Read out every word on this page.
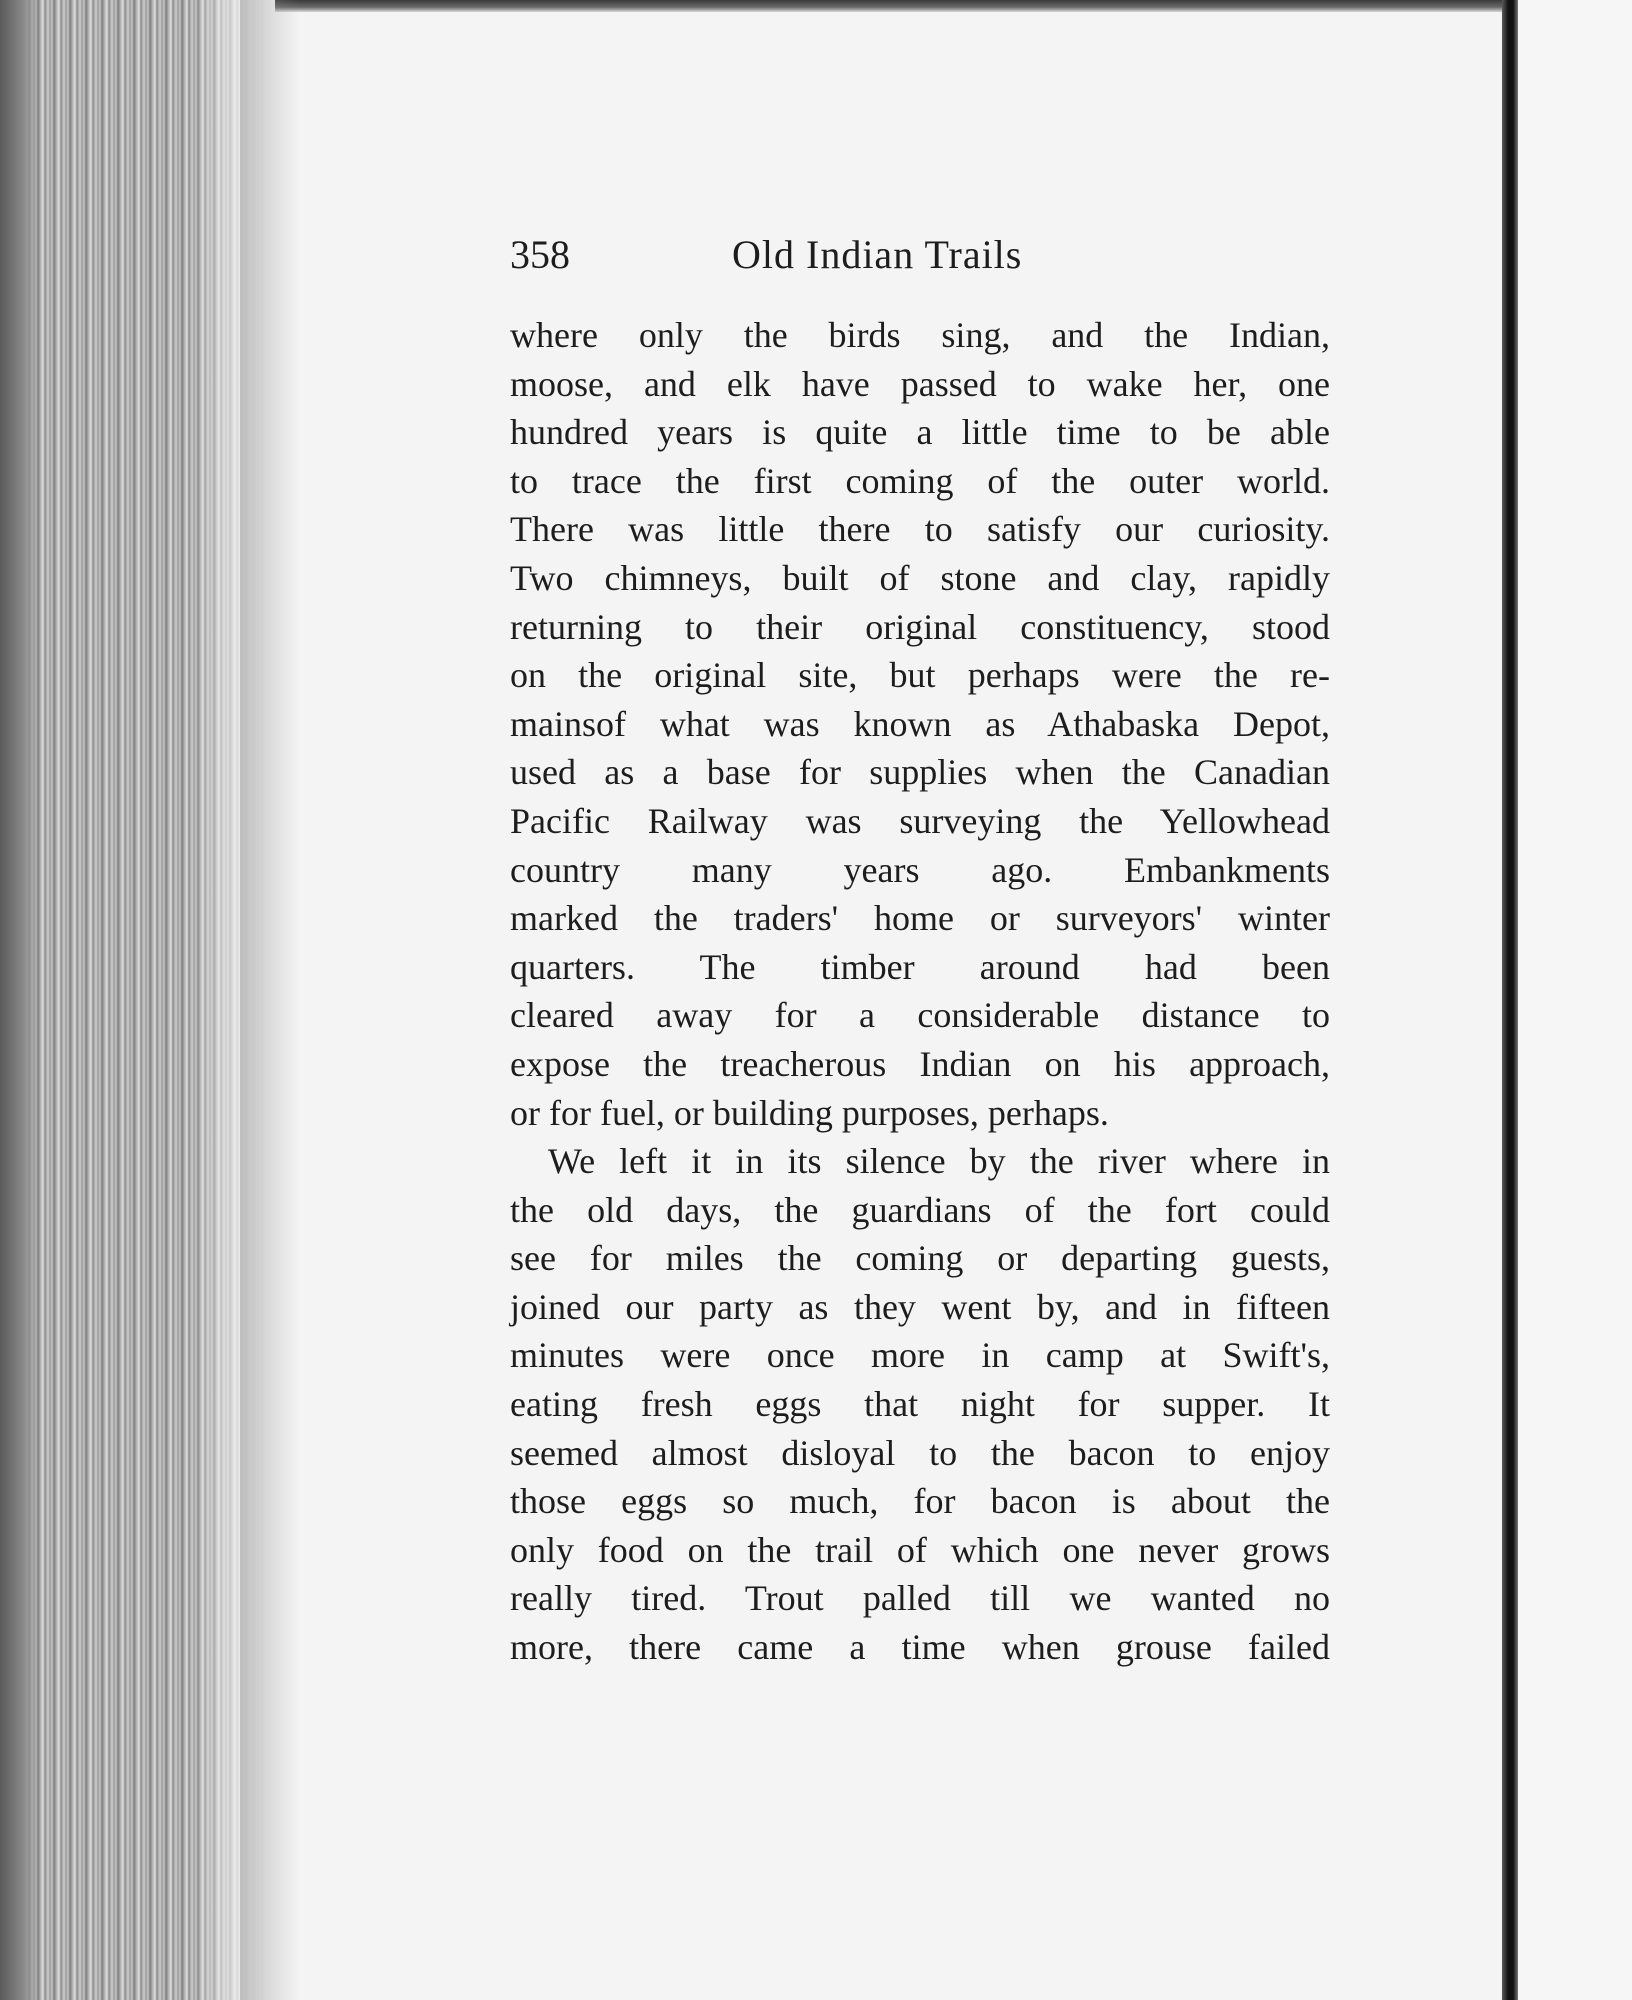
358	Old Indian Trails
where only the birds sing, and the Indian,
moose, and elk have passed to wake her, one
hundred years is quite a little time to be able
to trace the first coming of the outer world.
There was little there to satisfy our curiosity.
Two chimneys, built of stone and clay, rapidly
returning to their original constituency, stood
on the original site, but perhaps were the re-
mainsof what was known as Athabaska Depot,
used as a base for supplies when the Canadian
Pacific Railway was surveying the Yellowhead
country many years ago. Embankments
marked the traders' home or surveyors' winter
quarters. The timber around had been
cleared away for a considerable distance to
expose the treacherous Indian on his approach,
or for fuel, or building purposes, perhaps.
We left it in its silence by the river where in
the old days, the guardians of the fort could
see for miles the coming or departing guests,
joined our party as they went by, and in fifteen
minutes were once more in camp at Swift's,
eating fresh eggs that night for supper. It
seemed almost disloyal to the bacon to enjoy
those eggs so much, for bacon is about the
only food on the trail of which one never grows
really tired. Trout palled till we wanted no
more, there came a time when grouse failed
